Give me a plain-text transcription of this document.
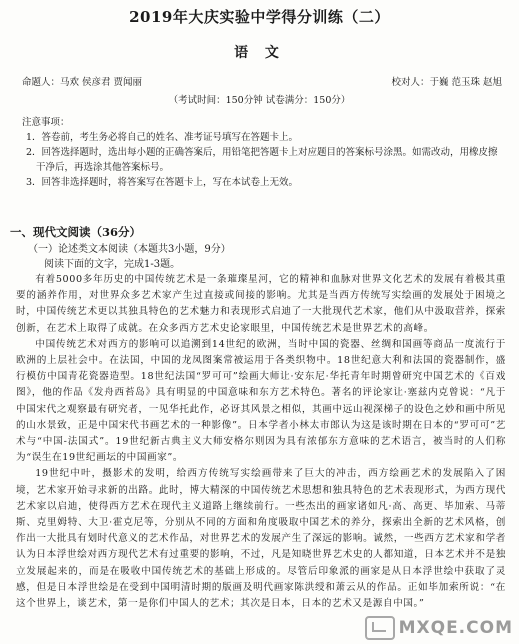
2019年大庆实验中学得分训练（二）
语 文
命题人：马欢 侯彦君 贾闻丽	校对人：于巍 范玉珠 赵旭
（考试时间：150分钟 试卷满分：150分）

注意事项：

1．答卷前，考生务必将自己的姓名、准考证号填写在答题卡上。

2．回答选择题时，选出每小题的正确答案后，用铅笔把答题卡上对应题目的答案标号涂黑。如需改动，用橡皮擦

干净后，再选涂其他答案标号。

3．回答非选择题时，将答案写在答题卡上，写在本试卷上无效。

一、现代文阅读（36分）
（一）论述类文本阅读（本题共3小题，9分）
阅读下面的文字，完成1-3题。

有着5000多年历史的中国传统艺术是一条璀璨星河，它的精神和血脉对世界文化艺术的发展有着极其重要的涵养作用，对世界众多艺术家产生过直接或间接的影响。尤其是当西方传统写实绘画的发展处于困境之时，中国传统艺术更以其独具特色的艺术魅力和表现形式启迪了一大批现代艺术家，他们从中汲取营养，探索创新，在艺术上取得了成就。在众多西方艺术史论家眼里，中国传统艺术是世界艺术的高峰。

中国传统艺术对西方的影响可以追溯到14世纪的欧洲，当时中国的瓷器、丝绸和国画等商品一度流行于欧洲的上层社会中。在法国，中国的龙凤图案常被运用于各类织物中。18世纪意大利和法国的瓷器制作，盛行模仿中国青花瓷器造型。18世纪法国“罗可可”绘画大师让·安东尼·华托青年时期曾研究中国艺术的《百戏图》，他的作品《发舟西苔岛》具有明显的中国意味和东方艺术特色。著名的评论家让·塞兹内克曾说：“凡于中国宋代之观察最有研究者，一见华托此作，必讶其风景之相似，其画中远山视深梯子的设色之妙和画中所见的山水景致，正是中国宋代书画艺术的一种影像”。日本学者小林太市郎认为这是该时期在日本的“罗可可”艺术与“中国-法国式”。19世纪新古典主义大师安格尔则因为具有浓郁东方意味的艺术语言，被当时的人们称为“误生在19世纪画坛的中国画家”。

19世纪中叶，摄影术的发明，给西方传统写实绘画带来了巨大的冲击，西方绘画艺术的发展陷入了困境，艺术家开始寻求新的出路。此时，博大精深的中国传统艺术思想和独具特色的艺术表现形式，为西方现代艺术家以启迪，使得西方艺术在现代主义道路上继续前行。一些杰出的画家诸如凡·高、高更、毕加索、马蒂斯、克里姆特、大卫·霍克尼等，分别从不同的方面和角度吸取中国艺术的养分，探索出全新的艺术风格，创作出一大批具有划时代意义的艺术作品，对世界艺术的发展产生了深远的影响。诚然，一些西方艺术家和学者认为日本浮世绘对西方现代艺术有过重要的影响，不过，凡是知晓世界艺术史的人都知道，日本艺术并不是独立发展起来的，而是在吸收中国传统艺术的基础上形成的。尽管后印象派的画家是从日本浮世绘中获取了灵感，但是日本浮世绘是在受到中国明清时期的版画及明代画家陈洪绶和萧云从的作品。正如毕加索所说：“在这个世界上，谈艺术，第一是你们中国人的艺术；其次是日本，日本的艺术又是源自中国。”

MXQE.COM
